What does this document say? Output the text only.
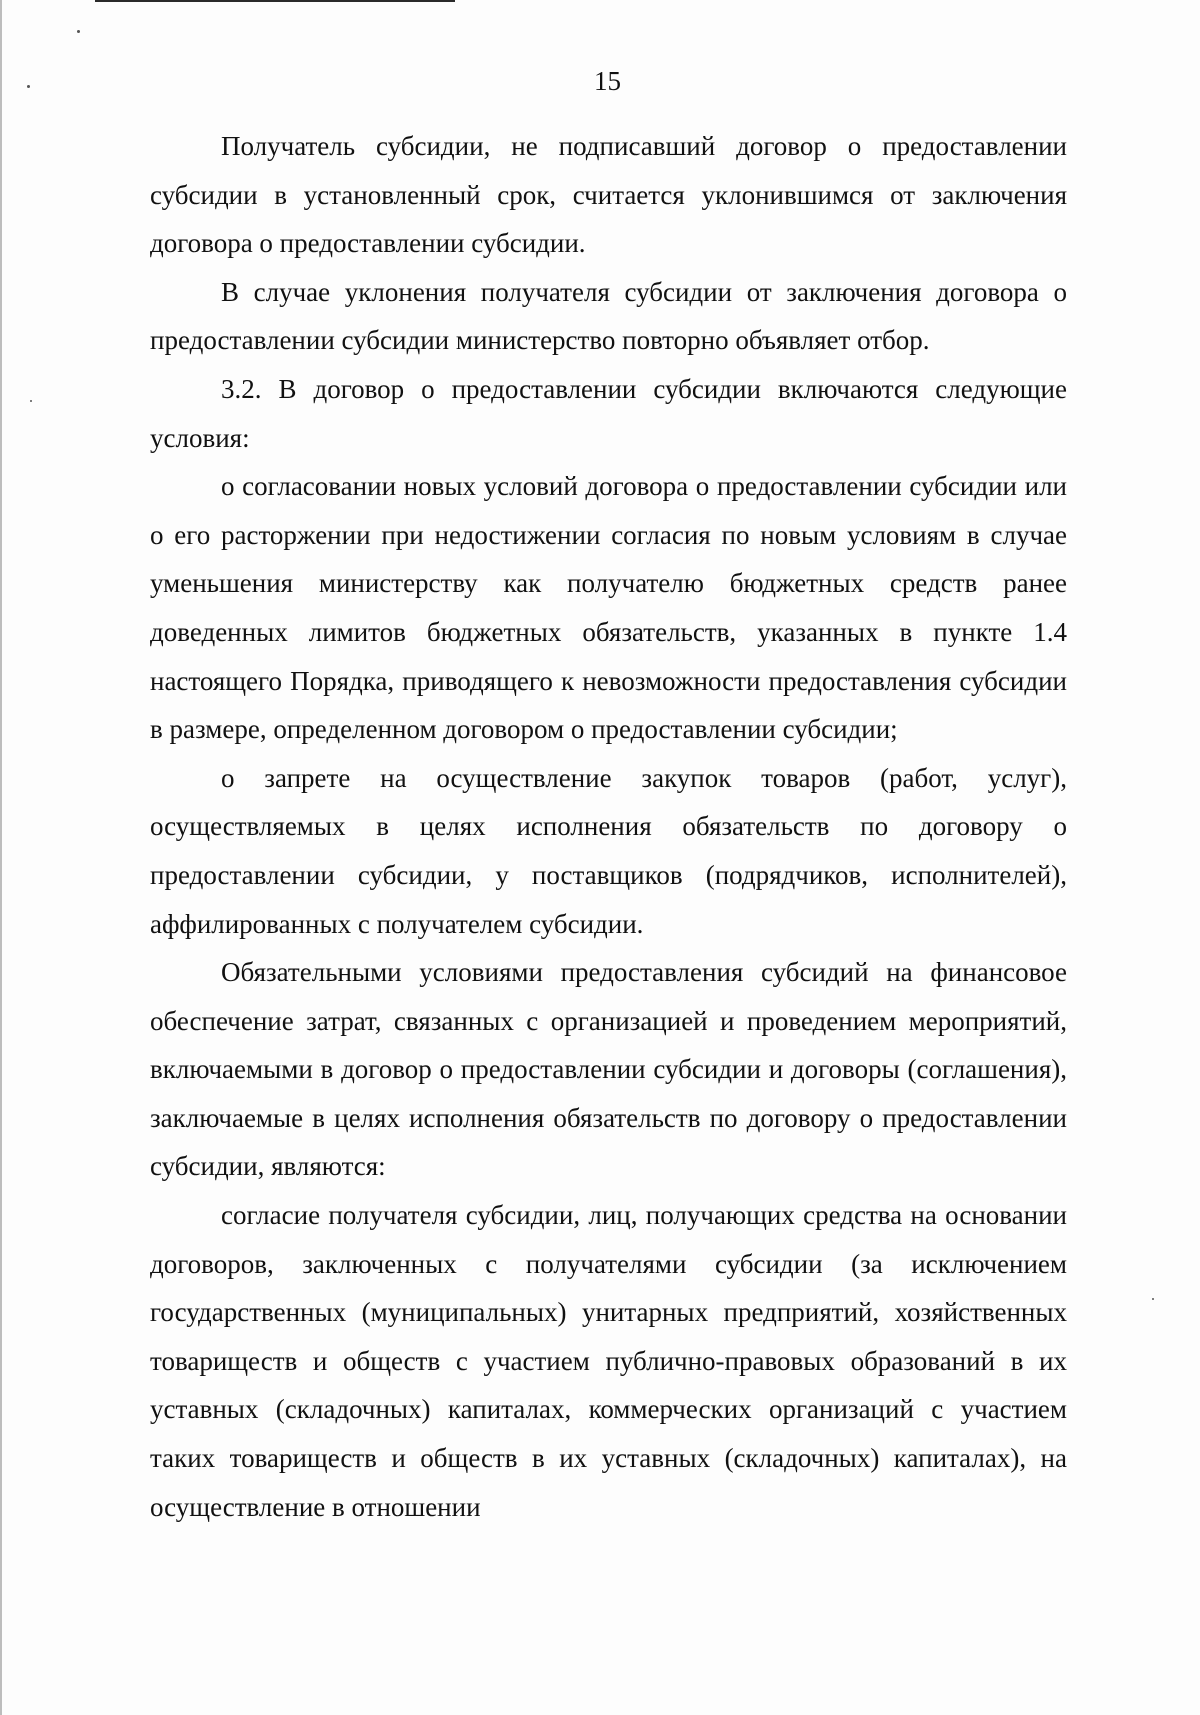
15

Получатель субсидии, не подписавший договор о предоставлении субсидии в установленный срок, считается уклонившимся от заключения договора о предоставлении субсидии.

В случае уклонения получателя субсидии от заключения договора о предоставлении субсидии министерство повторно объявляет отбор.

3.2. В договор о предоставлении субсидии включаются следующие условия:

о согласовании новых условий договора о предоставлении субсидии или о его расторжении при недостижении согласия по новым условиям в случае уменьшения министерству как получателю бюджетных средств ранее доведенных лимитов бюджетных обязательств, указанных в пункте 1.4 настоящего Порядка, приводящего к невозможности предоставления субсидии в размере, определенном договором о предоставлении субсидии;

о запрете на осуществление закупок товаров (работ, услуг), осуществляемых в целях исполнения обязательств по договору о предоставлении субсидии, у поставщиков (подрядчиков, исполнителей), аффилированных с получателем субсидии.

Обязательными условиями предоставления субсидий на финансовое обеспечение затрат, связанных с организацией и проведением мероприятий, включаемыми в договор о предоставлении субсидии и договоры (соглашения), заключаемые в целях исполнения обязательств по договору о предоставлении субсидии, являются:

согласие получателя субсидии, лиц, получающих средства на основании договоров, заключенных с получателями субсидии (за исключением государственных (муниципальных) унитарных предприятий, хозяйственных товариществ и обществ с участием публично-правовых образований в их уставных (складочных) капиталах, коммерческих организаций с участием таких товариществ и обществ в их уставных (складочных) капиталах), на осуществление в отношении
